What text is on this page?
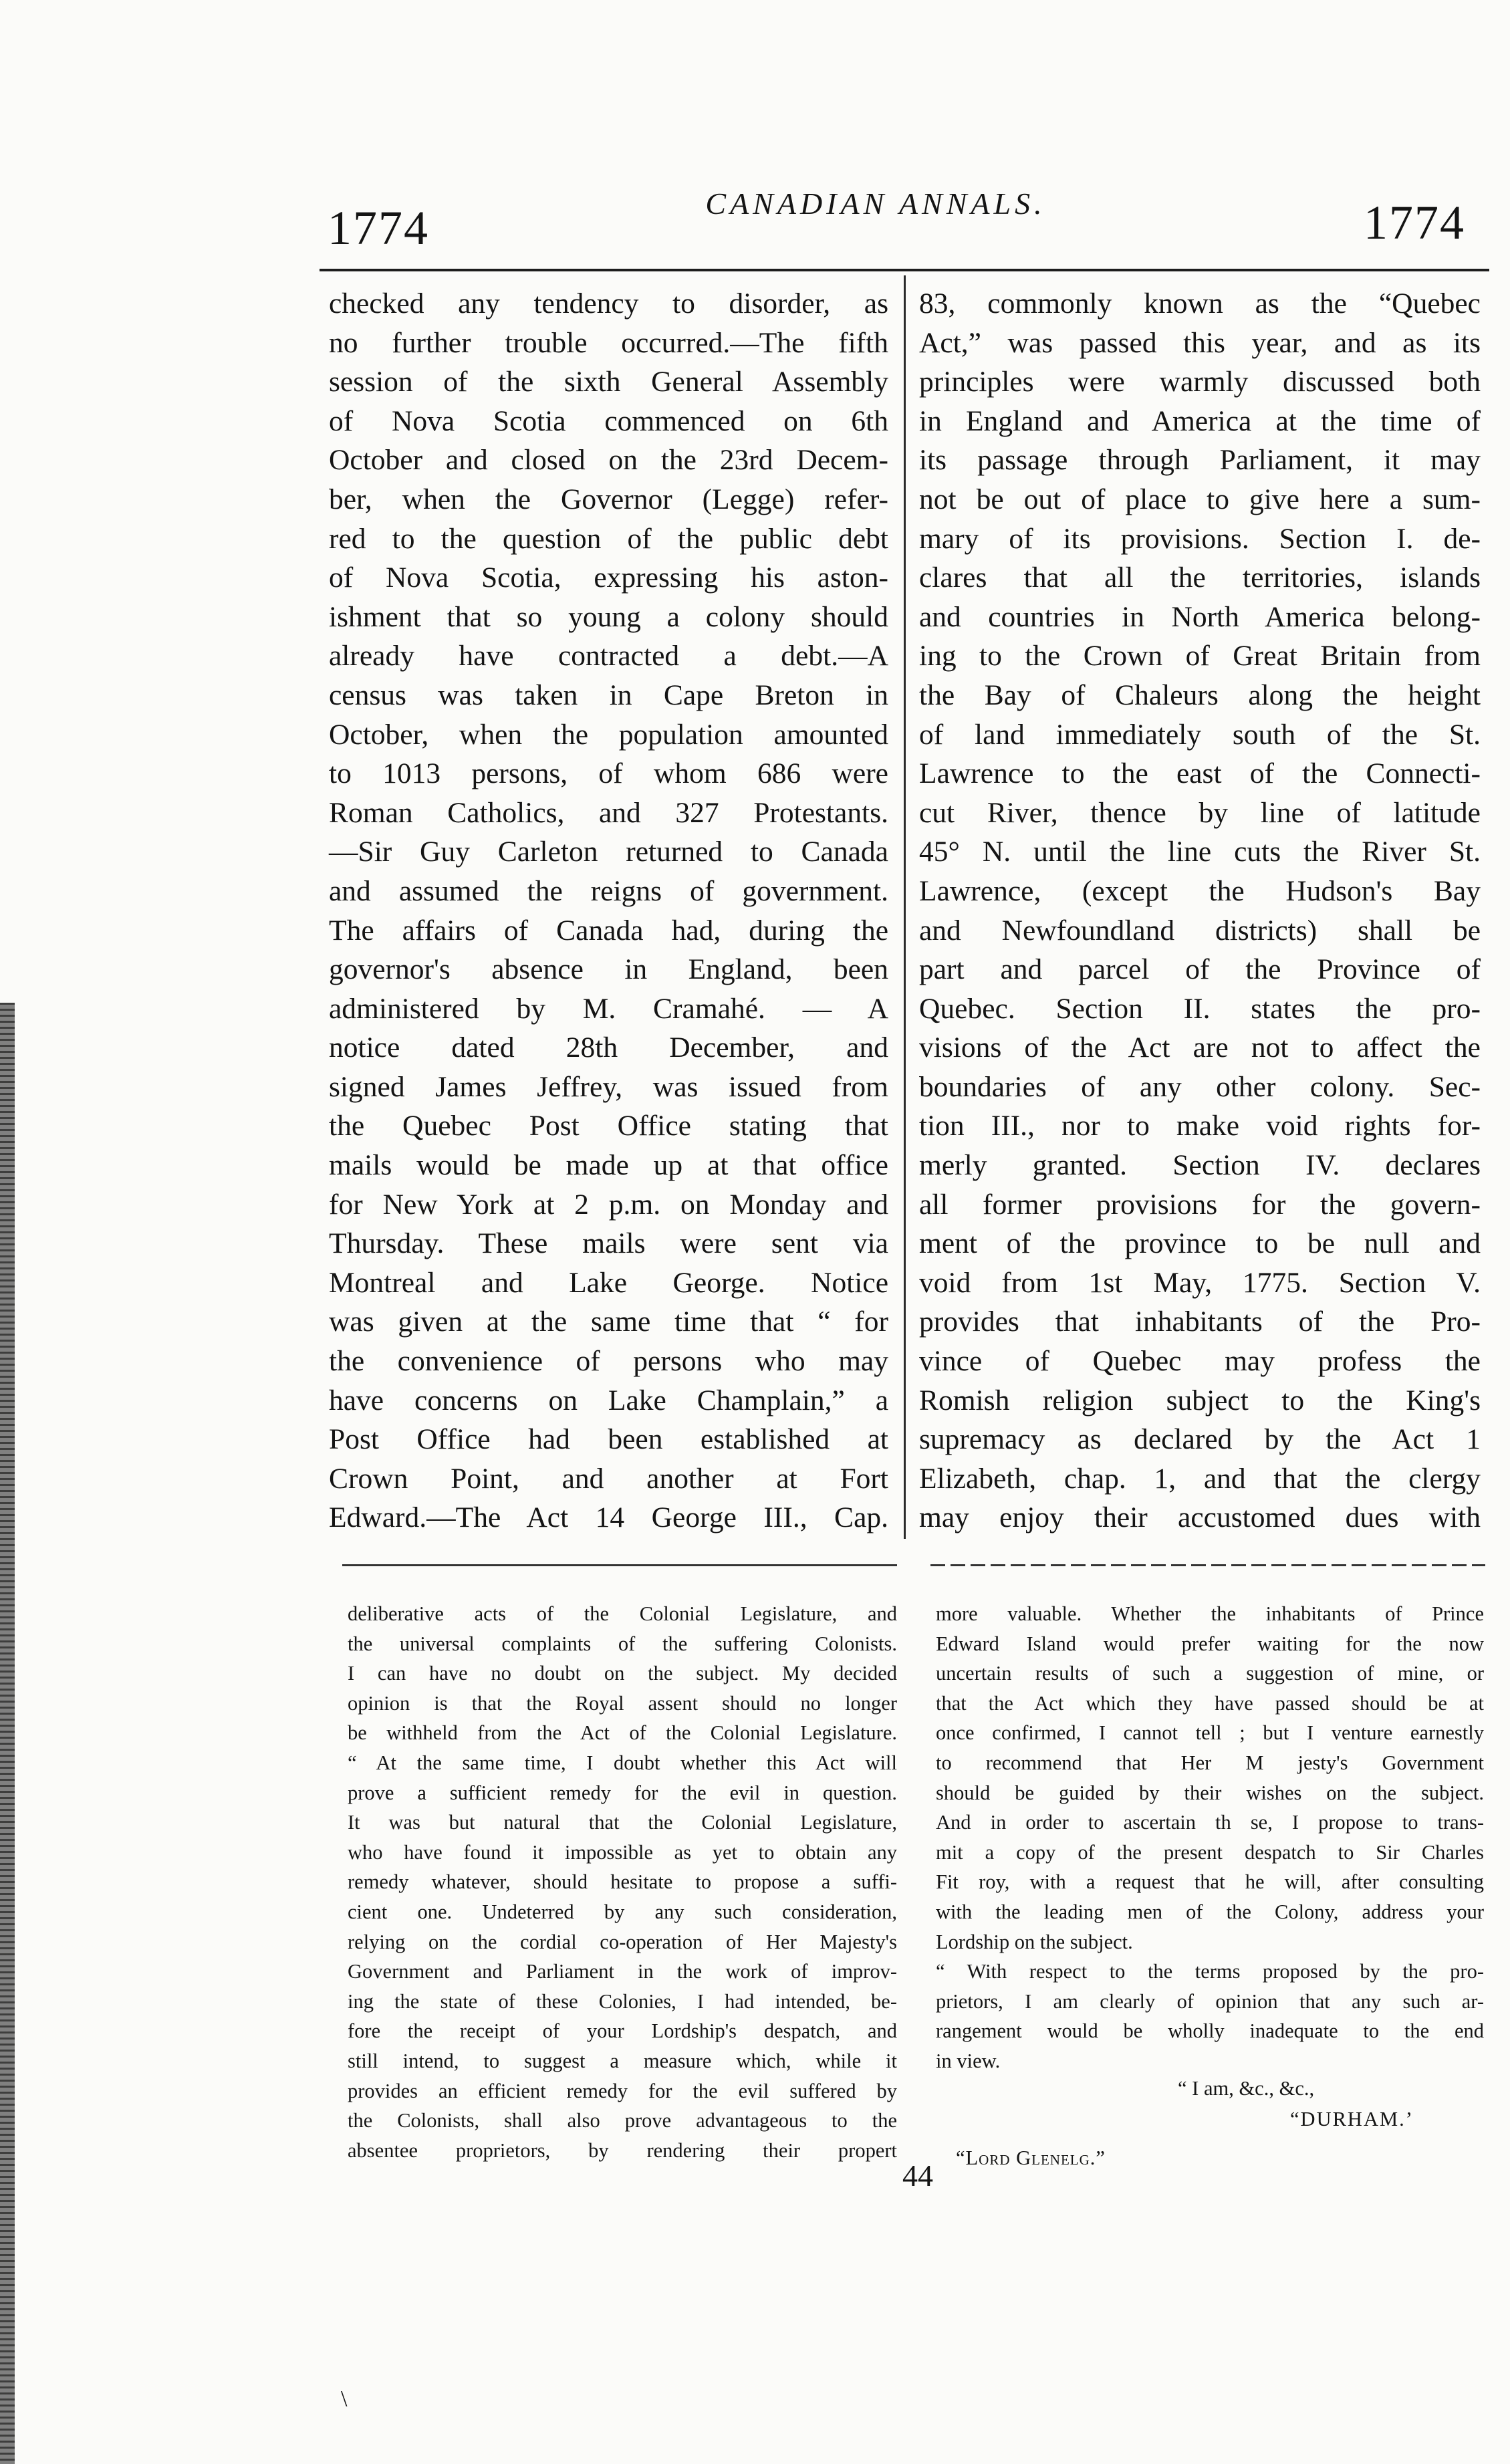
1774	CANADIAN ANNALS.	1774
checked any tendency to disorder, as
no further trouble occurred.—The fifth
session of the sixth General Assembly
of Nova Scotia commenced on 6th
October and closed on the 23rd Decem-
ber, when the Governor (Legge) refer-
red to the question of the public debt
of Nova Scotia, expressing his aston-
ishment that so young a colony should
already have contracted a debt.—A
census was taken in Cape Breton in
October, when the population amounted
to 1013 persons, of whom 686 were
Roman Catholics, and 327 Protestants.
—Sir Guy Carleton returned to Canada
and assumed the reigns of government.
The affairs of Canada had, during the
governor's absence in England, been
administered by M. Cramahé. — A
notice dated 28th December, and
signed James Jeffrey, was issued from
the Quebec Post Office stating that
mails would be made up at that office
for New York at 2 p.m. on Monday and
Thursday. These mails were sent via
Montreal and Lake George. Notice
was given at the same time that “ for
the convenience of persons who may
have concerns on Lake Champlain,” a
Post Office had been established at
Crown Point, and another at Fort
Edward.—The Act 14 George III., Cap.
83, commonly known as the “Quebec
Act,” was passed this year, and as its
principles were warmly discussed both
in England and America at the time of
its passage through Parliament, it may
not be out of place to give here a sum-
mary of its provisions. Section I. de-
clares that all the territories, islands
and countries in North America belong-
ing to the Crown of Great Britain from
the Bay of Chaleurs along the height
of land immediately south of the St.
Lawrence to the east of the Connecti-
cut River, thence by line of latitude
45° N. until the line cuts the River St.
Lawrence, (except the Hudson's Bay
and Newfoundland districts) shall be
part and parcel of the Province of
Quebec. Section II. states the pro-
visions of the Act are not to affect the
boundaries of any other colony. Sec-
tion III., nor to make void rights for-
merly granted. Section IV. declares
all former provisions for the govern-
ment of the province to be null and
void from 1st May, 1775. Section V.
provides that inhabitants of the Pro-
vince of Quebec may profess the
Romish religion subject to the King's
supremacy as declared by the Act 1
Elizabeth, chap. 1, and that the clergy
may enjoy their accustomed dues with
deliberative acts of the Colonial Legislature, and
the universal complaints of the suffering Colonists.
I can have no doubt on the subject. My decided
opinion is that the Royal assent should no longer
be withheld from the Act of the Colonial Legislature.
“ At the same time, I doubt whether this Act will
prove a sufficient remedy for the evil in question.
It was but natural that the Colonial Legislature,
who have found it impossible as yet to obtain any
remedy whatever, should hesitate to propose a suffi-
cient one. Undeterred by any such consideration,
relying on the cordial co-operation of Her Majesty's
Government and Parliament in the work of improv-
ing the state of these Colonies, I had intended, be-
fore the receipt of your Lordship's despatch, and
still intend, to suggest a measure which, while it
provides an efficient remedy for the evil suffered by
the Colonists, shall also prove advantageous to the
absentee proprietors, by rendering their propert
more valuable. Whether the inhabitants of Prince
Edward Island would prefer waiting for the now
uncertain results of such a suggestion of mine, or
that the Act which they have passed should be at
once confirmed, I cannot tell ; but I venture earnestly
to recommend that Her M jesty's Government
should be guided by their wishes on the subject.
And in order to ascertain th se, I propose to trans-
mit a copy of the present despatch to Sir Charles
Fit roy, with a request that he will, after consulting
with the leading men of the Colony, address your
Lordship on the subject.
“ With respect to the terms proposed by the pro-
prietors, I am clearly of opinion that any such ar-
rangement would be wholly inadequate to the end
in view.
“ I am, &c., &c.,
“DURHAM.’
“Lord Glenelg.”
44
\
